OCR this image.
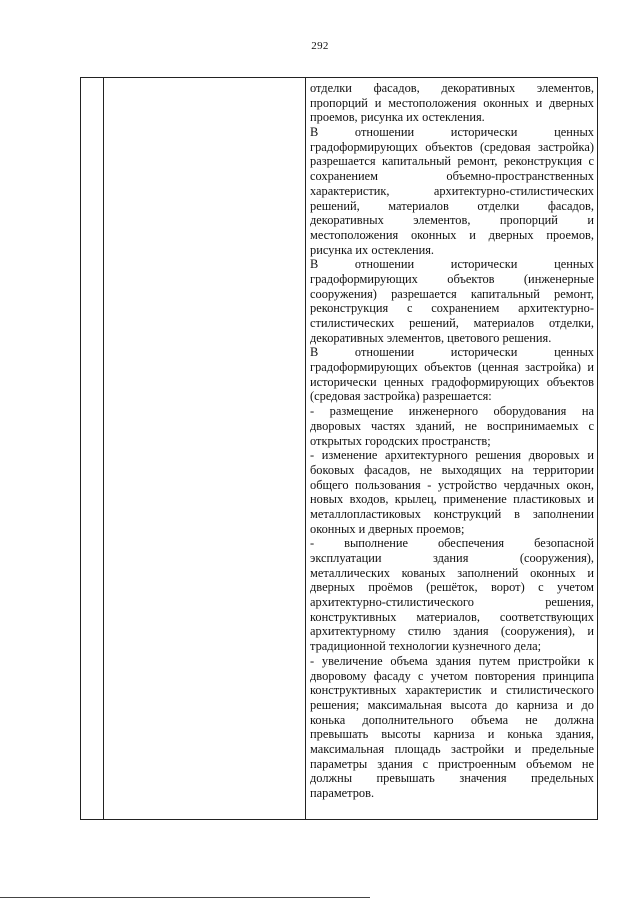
292
отделки фасадов, декоративных элементов,
пропорций и местоположения оконных и дверных
проемов, рисунка их остекления.
В отношении исторически ценных
градоформирующих объектов (средовая застройка)
разрешается капитальный ремонт, реконструкция с
сохранением объемно-пространственных
характеристик, архитектурно-стилистических
решений, материалов отделки фасадов,
декоративных элементов, пропорций и
местоположения оконных и дверных проемов,
рисунка их остекления.
В отношении исторически ценных
градоформирующих объектов (инженерные
сооружения) разрешается капитальный ремонт,
реконструкция с сохранением архитектурно-
стилистических решений, материалов отделки,
декоративных элементов, цветового решения.
В отношении исторически ценных
градоформирующих объектов (ценная застройка) и
исторически ценных градоформирующих объектов
(средовая застройка) разрешается:
- размещение инженерного оборудования на
дворовых частях зданий, не воспринимаемых с
открытых городских пространств;
- изменение архитектурного решения дворовых и
боковых фасадов, не выходящих на территории
общего пользования - устройство чердачных окон,
новых входов, крылец, применение пластиковых и
металлопластиковых конструкций в заполнении
оконных и дверных проемов;
- выполнение обеспечения безопасной
эксплуатации здания (сооружения),
металлических кованых заполнений оконных и
дверных проёмов (решёток, ворот) с учетом
архитектурно-стилистического решения,
конструктивных материалов, соответствующих
архитектурному стилю здания (сооружения), и
традиционной технологии кузнечного дела;
- увеличение объема здания путем пристройки к
дворовому фасаду с учетом повторения принципа
конструктивных характеристик и стилистического
решения; максимальная высота до карниза и до
конька дополнительного объема не должна
превышать высоты карниза и конька здания,
максимальная площадь застройки и предельные
параметры здания с пристроенным объемом не
должны превышать значения предельных
параметров.
